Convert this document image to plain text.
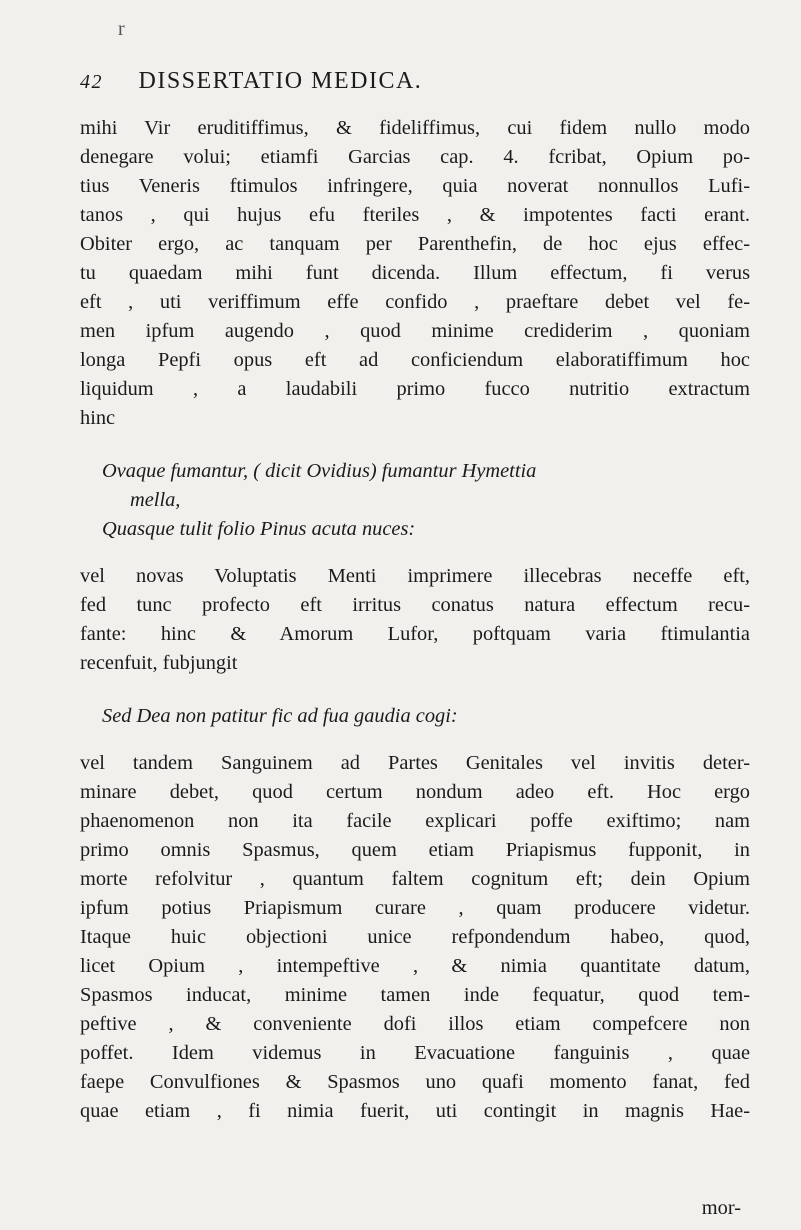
r
42 DISSERTATIO MEDICA.
mihi Vir eruditiffimus, & fideliffimus, cui fidem nullo modo
denegare volui; etiamfi Garcias cap. 4. fcribat, Opium po-
tius Veneris ftimulos infringere, quia noverat nonnullos Lufi-
tanos , qui hujus efu fteriles , & impotentes facti erant.
Obiter ergo, ac tanquam per Parenthefin, de hoc ejus effec-
tu quaedam mihi funt dicenda. Illum effectum, fi verus
eft , uti veriffimum effe confido , praeftare debet vel fe-
men ipfum augendo , quod minime crediderim , quoniam
longa Pepfi opus eft ad conficiendum elaboratiffimum hoc
liquidum , a laudabili primo fucco nutritio extractum
hinc
Ovaque fumantur, ( dicit Ovidius) fumantur Hymettia
mella,
Quasque tulit folio Pinus acuta nuces:
vel novas Voluptatis Menti imprimere illecebras neceffe eft,
fed tunc profecto eft irritus conatus natura effectum recu-
fante: hinc & Amorum Lufor, poftquam varia ftimulantia
recenfuit, fubjungit
Sed Dea non patitur fic ad fua gaudia cogi:
vel tandem Sanguinem ad Partes Genitales vel invitis deter-
minare debet, quod certum nondum adeo eft. Hoc ergo
phaenomenon non ita facile explicari poffe exiftimo; nam
primo omnis Spasmus, quem etiam Priapismus fupponit, in
morte refolvitur , quantum faltem cognitum eft; dein Opium
ipfum potius Priapismum curare , quam producere videtur.
Itaque huic objectioni unice refpondendum habeo, quod,
licet Opium , intempeftive , & nimia quantitate datum,
Spasmos inducat, minime tamen inde fequatur, quod tem-
peftive , & conveniente dofi illos etiam compefcere non
poffet. Idem videmus in Evacuatione fanguinis , quae
faepe Convulfiones & Spasmos uno quafi momento fanat, fed
quae etiam , fi nimia fuerit, uti contingit in magnis Hae-
mor-
